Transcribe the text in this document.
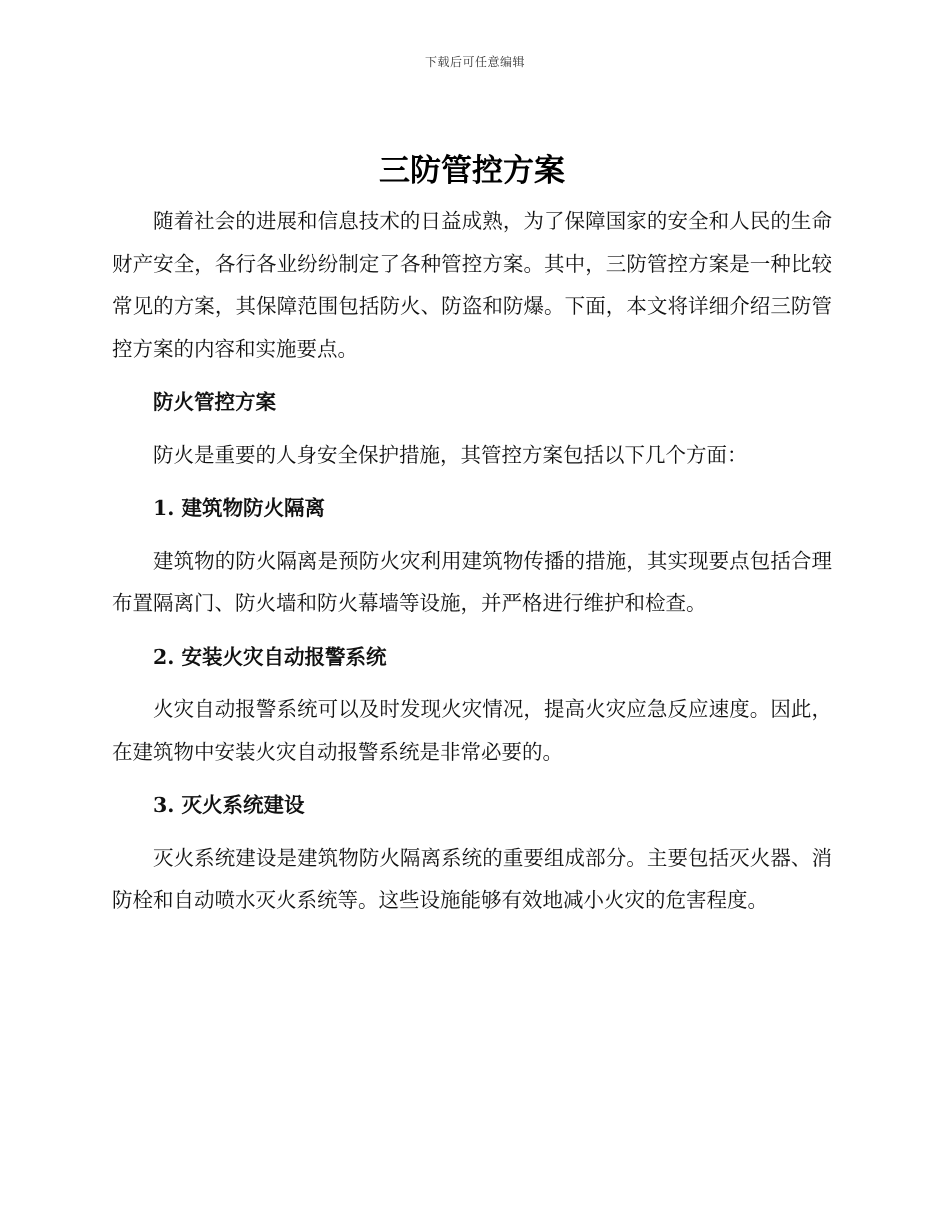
下载后可任意编辑
三防管控方案

随着社会的进展和信息技术的日益成熟，为了保障国家的安全和人民的生命财产安全，各行各业纷纷制定了各种管控方案。其中，三防管控方案是一种比较常见的方案，其保障范围包括防火、防盗和防爆。下面，本文将详细介绍三防管控方案的内容和实施要点。

防火管控方案

防火是重要的人身安全保护措施，其管控方案包括以下几个方面：

1. 建筑物防火隔离

建筑物的防火隔离是预防火灾利用建筑物传播的措施，其实现要点包括合理布置隔离门、防火墙和防火幕墙等设施，并严格进行维护和检查。

2. 安装火灾自动报警系统

火灾自动报警系统可以及时发现火灾情况，提高火灾应急反应速度。因此，在建筑物中安装火灾自动报警系统是非常必要的。

3. 灭火系统建设

灭火系统建设是建筑物防火隔离系统的重要组成部分。主要包括灭火器、消防栓和自动喷水灭火系统等。这些设施能够有效地减小火灾的危害程度。
